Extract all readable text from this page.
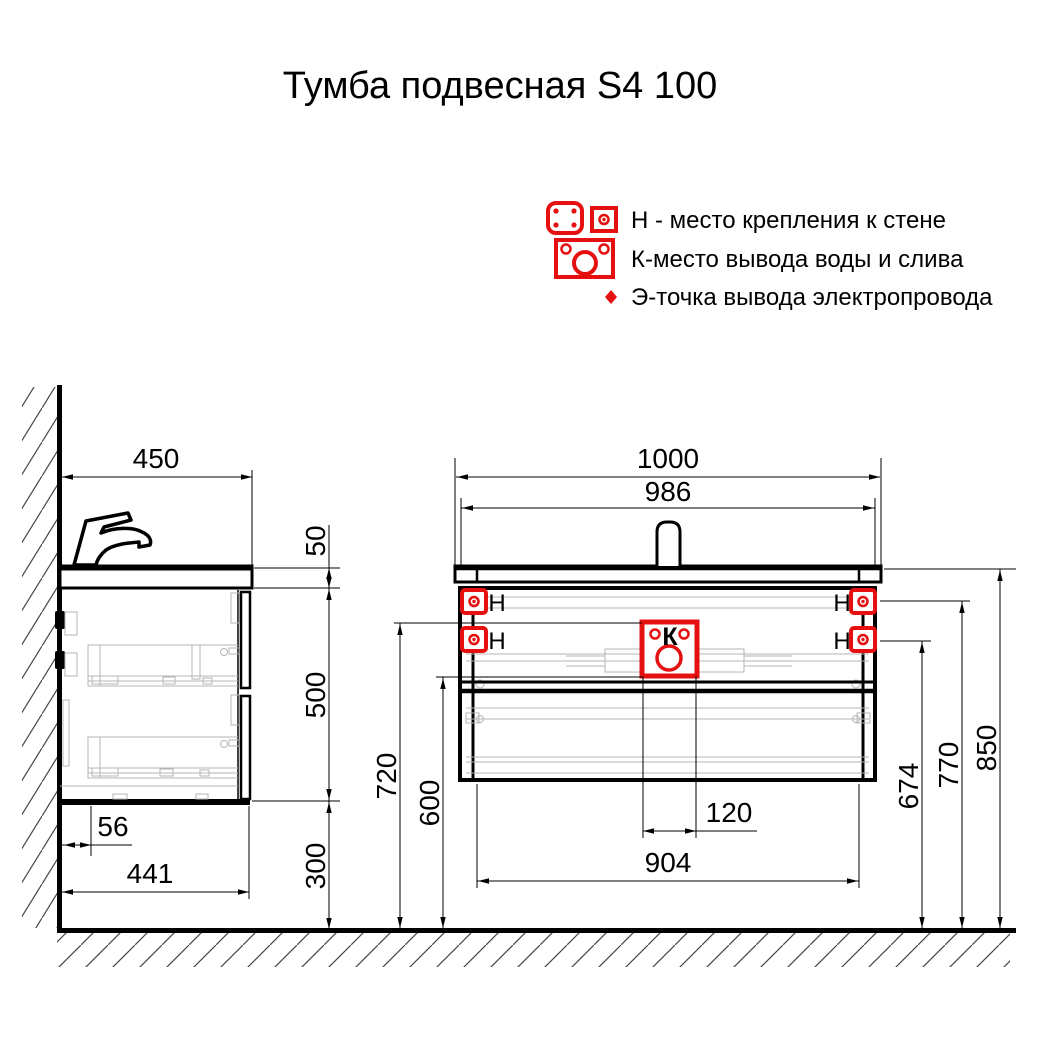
Тумба подвесная S4 100
Н - место крепления к стене
К-место вывода воды и слива
Э-точка вывода электропровода
Н
Н
Н
Н
К
450
50
500
300
56
441
1000
986
120
904
720
600	674 770 850
